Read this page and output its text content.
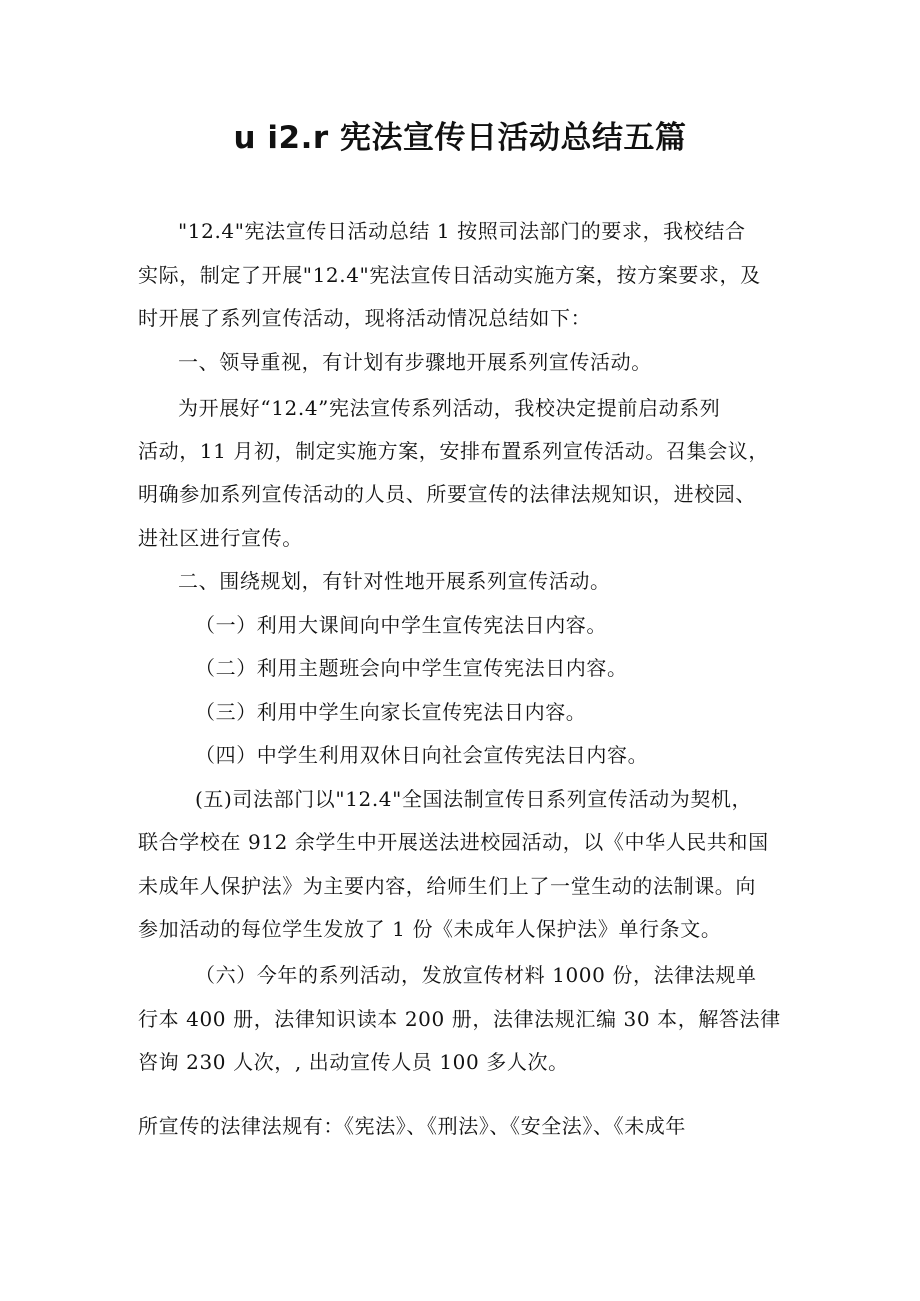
u i2.r 宪法宣传日活动总结五篇
"12.4"宪法宣传日活动总结 1 按照司法部门的要求，我校结合
实际，制定了开展"12.4"宪法宣传日活动实施方案，按方案要求，及
时开展了系列宣传活动，现将活动情况总结如下：
一、领导重视，有计划有步骤地开展系列宣传活动。
为开展好“12.4”宪法宣传系列活动，我校决定提前启动系列
活动，11 月初，制定实施方案，安排布置系列宣传活动。召集会议，
明确参加系列宣传活动的人员、所要宣传的法律法规知识，进校园、
进社区进行宣传。
二、围绕规划，有针对性地开展系列宣传活动。
（一）利用大课间向中学生宣传宪法日内容。
（二）利用主题班会向中学生宣传宪法日内容。
（三）利用中学生向家长宣传宪法日内容。
（四）中学生利用双休日向社会宣传宪法日内容。
(五)司法部门以"12.4"全国法制宣传日系列宣传活动为契机，
联合学校在 912 余学生中开展送法进校园活动，以《中华人民共和国
未成年人保护法》为主要内容，给师生们上了一堂生动的法制课。向
参加活动的每位学生发放了 1 份《未成年人保护法》单行条文。
（六）今年的系列活动，发放宣传材料 1000 份，法律法规单
行本 400 册，法律知识读本 200 册，法律法规汇编 30 本，解答法律
咨询 230 人次，, 出动宣传人员 100 多人次。
所宣传的法律法规有：《宪法》、《刑法》、《安全法》、《未成年
